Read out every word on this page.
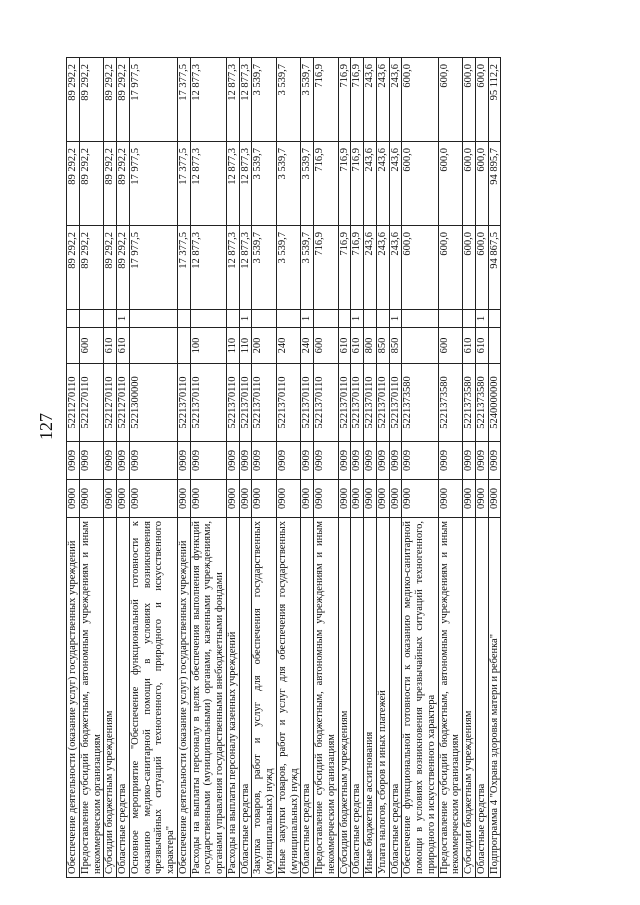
127
Обеспечение деятельности (оказание услуг) государственных учреждений	0900	0909	5221270110			89 292,2	89 292,2	89 292,2
Предоставление субсидий бюджетным, автономным учреждениям и иным некоммерческим организациям	0900	0909	5221270110	600		89 292,2	89 292,2	89 292,2
Субсидии бюджетным учреждениям	0900	0909	5221270110	610		89 292,2	89 292,2	89 292,2
Областные средства	0900	0909	5221270110	610	1	89 292,2	89 292,2	89 292,2
Основное мероприятие "Обеспечение функциональной готовности к оказанию медико-санитарной помощи в условиях возникновения чрезвычайных ситуаций техногенного, природного и искусственного характера"	0900	0909	5221300000			17 977,5	17 977,5	17 977,5
Обеспечение деятельности (оказание услуг) государственных учреждений	0900	0909	5221370110			17 377,5	17 377,5	17 377,5
Расходы на выплаты персоналу в целях обеспечения выполнения функций государственными (муниципальными) органами, казенными учреждениями, органами управления государственными внебюджетными фондами	0900	0909	5221370110	100		12 877,3	12 877,3	12 877,3
Расходы на выплаты персоналу казенных учреждений	0900	0909	5221370110	110		12 877,3	12 877,3	12 877,3
Областные средства	0900	0909	5221370110	110	1	12 877,3	12 877,3	12 877,3
Закупка товаров, работ и услуг для обеспечения государственных (муниципальных) нужд	0900	0909	5221370110	200		3 539,7	3 539,7	3 539,7
Иные закупки товаров, работ и услуг для обеспечения государственных (муниципальных) нужд	0900	0909	5221370110	240		3 539,7	3 539,7	3 539,7
Областные средства	0900	0909	5221370110	240	1	3 539,7	3 539,7	3 539,7
Предоставление субсидий бюджетным, автономным учреждениям и иным некоммерческим организациям	0900	0909	5221370110	600		716,9	716,9	716,9
Субсидии бюджетным учреждениям	0900	0909	5221370110	610		716,9	716,9	716,9
Областные средства	0900	0909	5221370110	610	1	716,9	716,9	716,9
Иные бюджетные ассигнования	0900	0909	5221370110	800		243,6	243,6	243,6
Уплата налогов, сборов и иных платежей	0900	0909	5221370110	850		243,6	243,6	243,6
Областные средства	0900	0909	5221370110	850	1	243,6	243,6	243,6
Обеспечение функциональной готовности к оказанию медико-санитарной помощи в условиях возникновения чрезвычайных ситуаций техногенного, природного и искусственного характера	0900	0909	5221373580			600,0	600,0	600,0
Предоставление субсидий бюджетным, автономным учреждениям и иным некоммерческим организациям	0900	0909	5221373580	600		600,0	600,0	600,0
Субсидии бюджетным учреждениям	0900	0909	5221373580	610		600,0	600,0	600,0
Областные средства	0900	0909	5221373580	610	1	600,0	600,0	600,0
Подпрограмма 4 "Охрана здоровья матери и ребенка"	0900	0909	5240000000			94 867,5	94 895,7	95 112,2
